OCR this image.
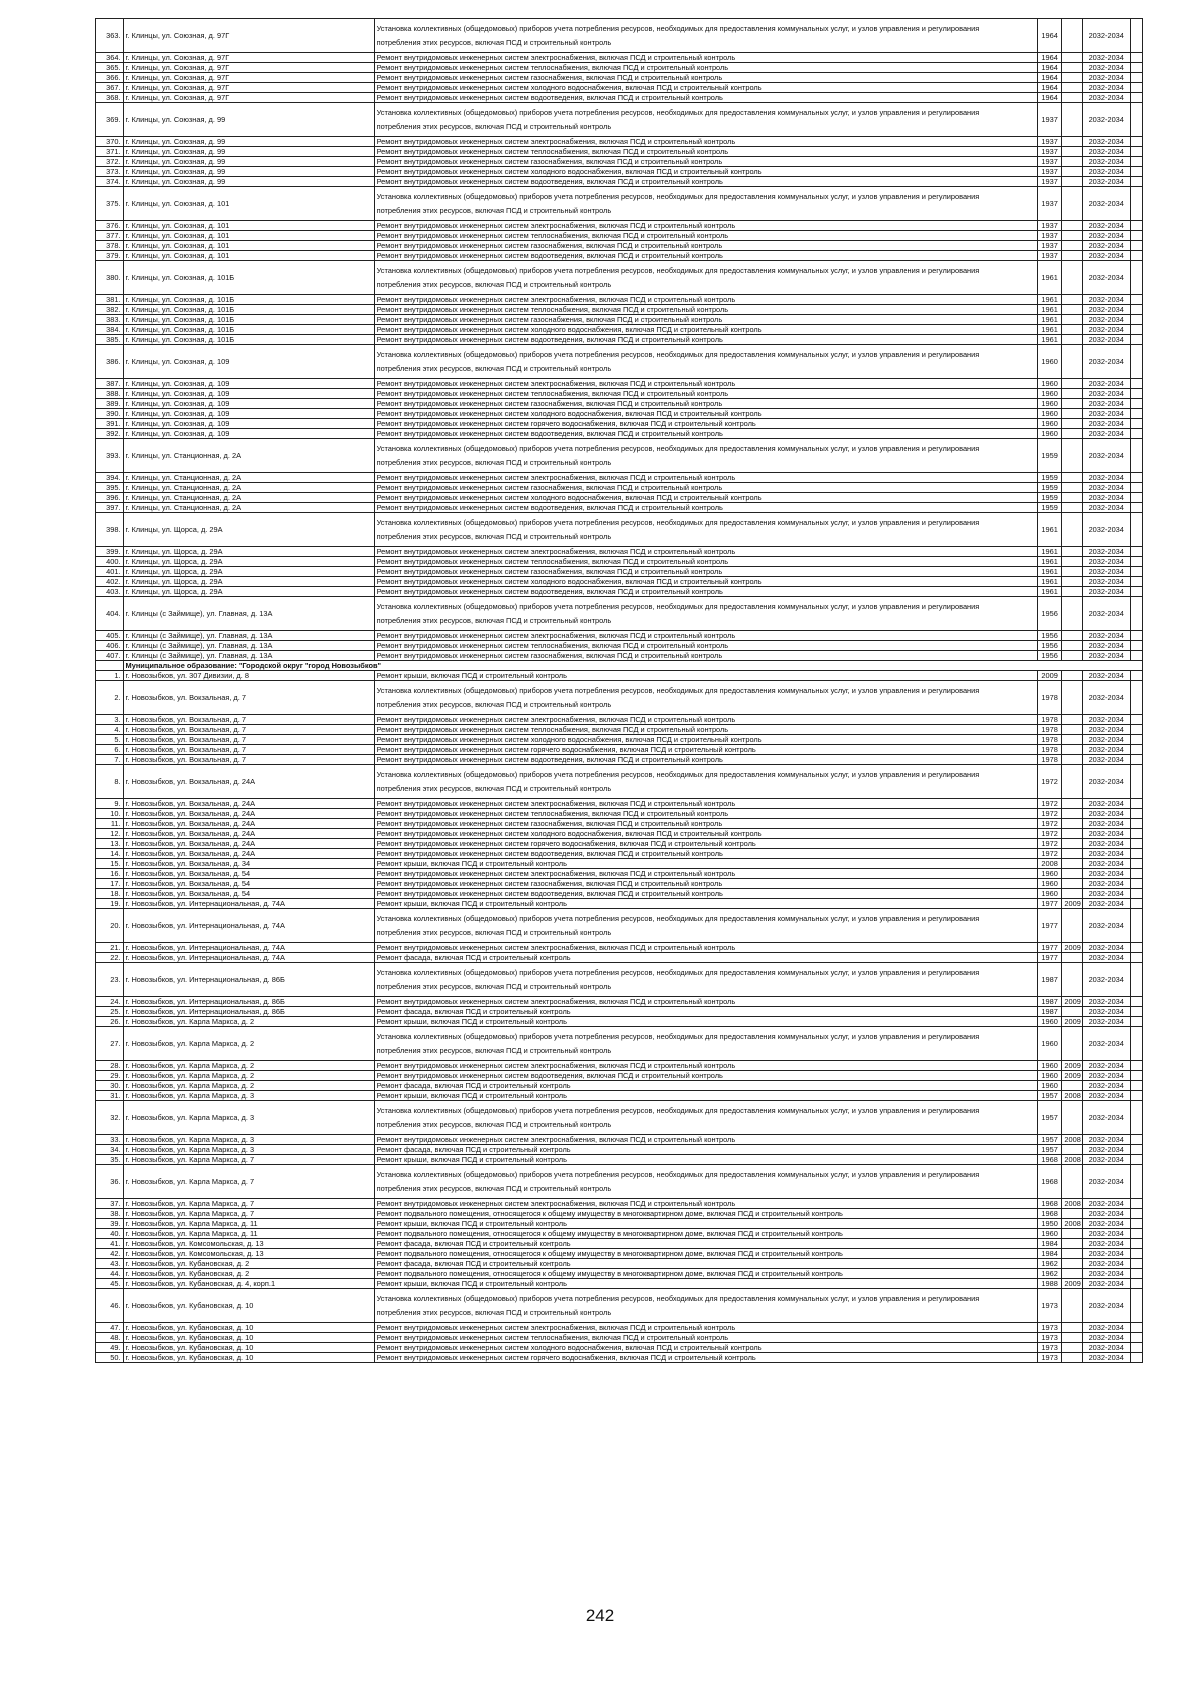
363.	г. Клинцы, ул. Союзная, д. 97Г	Установка коллективных (общедомовых) приборов учета потребления ресурсов, необходимых для предоставления коммунальных услуг, и узлов управления и регулирования потребления этих ресурсов, включая ПСД и строительный контроль	1964		2032-2034	
364.	г. Клинцы, ул. Союзная, д. 97Г	Ремонт внутридомовых инженерных систем электроснабжения, включая ПСД и строительный контроль	1964		2032-2034	
365.	г. Клинцы, ул. Союзная, д. 97Г	Ремонт внутридомовых инженерных систем теплоснабжения, включая ПСД и строительный контроль	1964		2032-2034	
366.	г. Клинцы, ул. Союзная, д. 97Г	Ремонт внутридомовых инженерных систем газоснабжения, включая ПСД и строительный контроль	1964		2032-2034	
367.	г. Клинцы, ул. Союзная, д. 97Г	Ремонт внутридомовых инженерных систем холодного водоснабжения, включая ПСД и строительный контроль	1964		2032-2034	
368.	г. Клинцы, ул. Союзная, д. 97Г	Ремонт внутридомовых инженерных систем водоотведения, включая ПСД и строительный контроль	1964		2032-2034	
369.	г. Клинцы, ул. Союзная, д. 99	Установка коллективных (общедомовых) приборов учета потребления ресурсов, необходимых для предоставления коммунальных услуг, и узлов управления и регулирования потребления этих ресурсов, включая ПСД и строительный контроль	1937		2032-2034	
370.	г. Клинцы, ул. Союзная, д. 99	Ремонт внутридомовых инженерных систем электроснабжения, включая ПСД и строительный контроль	1937		2032-2034	
371.	г. Клинцы, ул. Союзная, д. 99	Ремонт внутридомовых инженерных систем теплоснабжения, включая ПСД и строительный контроль	1937		2032-2034	
372.	г. Клинцы, ул. Союзная, д. 99	Ремонт внутридомовых инженерных систем газоснабжения, включая ПСД и строительный контроль	1937		2032-2034	
373.	г. Клинцы, ул. Союзная, д. 99	Ремонт внутридомовых инженерных систем холодного водоснабжения, включая ПСД и строительный контроль	1937		2032-2034	
374.	г. Клинцы, ул. Союзная, д. 99	Ремонт внутридомовых инженерных систем водоотведения, включая ПСД и строительный контроль	1937		2032-2034	
375.	г. Клинцы, ул. Союзная, д. 101	Установка коллективных (общедомовых) приборов учета потребления ресурсов, необходимых для предоставления коммунальных услуг, и узлов управления и регулирования потребления этих ресурсов, включая ПСД и строительный контроль	1937		2032-2034	
376.	г. Клинцы, ул. Союзная, д. 101	Ремонт внутридомовых инженерных систем электроснабжения, включая ПСД и строительный контроль	1937		2032-2034	
377.	г. Клинцы, ул. Союзная, д. 101	Ремонт внутридомовых инженерных систем теплоснабжения, включая ПСД и строительный контроль	1937		2032-2034	
378.	г. Клинцы, ул. Союзная, д. 101	Ремонт внутридомовых инженерных систем газоснабжения, включая ПСД и строительный контроль	1937		2032-2034	
379.	г. Клинцы, ул. Союзная, д. 101	Ремонт внутридомовых инженерных систем водоотведения, включая ПСД и строительный контроль	1937		2032-2034	
380.	г. Клинцы, ул. Союзная, д. 101Б	Установка коллективных (общедомовых) приборов учета потребления ресурсов, необходимых для предоставления коммунальных услуг, и узлов управления и регулирования потребления этих ресурсов, включая ПСД и строительный контроль	1961		2032-2034	
381.	г. Клинцы, ул. Союзная, д. 101Б	Ремонт внутридомовых инженерных систем электроснабжения, включая ПСД и строительный контроль	1961		2032-2034	
382.	г. Клинцы, ул. Союзная, д. 101Б	Ремонт внутридомовых инженерных систем теплоснабжения, включая ПСД и строительный контроль	1961		2032-2034	
383.	г. Клинцы, ул. Союзная, д. 101Б	Ремонт внутридомовых инженерных систем газоснабжения, включая ПСД и строительный контроль	1961		2032-2034	
384.	г. Клинцы, ул. Союзная, д. 101Б	Ремонт внутридомовых инженерных систем холодного водоснабжения, включая ПСД и строительный контроль	1961		2032-2034	
385.	г. Клинцы, ул. Союзная, д. 101Б	Ремонт внутридомовых инженерных систем водоотведения, включая ПСД и строительный контроль	1961		2032-2034	
386.	г. Клинцы, ул. Союзная, д. 109	Установка коллективных (общедомовых) приборов учета потребления ресурсов, необходимых для предоставления коммунальных услуг, и узлов управления и регулирования потребления этих ресурсов, включая ПСД и строительный контроль	1960		2032-2034	
387.	г. Клинцы, ул. Союзная, д. 109	Ремонт внутридомовых инженерных систем электроснабжения, включая ПСД и строительный контроль	1960		2032-2034	
388.	г. Клинцы, ул. Союзная, д. 109	Ремонт внутридомовых инженерных систем теплоснабжения, включая ПСД и строительный контроль	1960		2032-2034	
389.	г. Клинцы, ул. Союзная, д. 109	Ремонт внутридомовых инженерных систем газоснабжения, включая ПСД и строительный контроль	1960		2032-2034	
390.	г. Клинцы, ул. Союзная, д. 109	Ремонт внутридомовых инженерных систем холодного водоснабжения, включая ПСД и строительный контроль	1960		2032-2034	
391.	г. Клинцы, ул. Союзная, д. 109	Ремонт внутридомовых инженерных систем горячего водоснабжения, включая ПСД и строительный контроль	1960		2032-2034	
392.	г. Клинцы, ул. Союзная, д. 109	Ремонт внутридомовых инженерных систем водоотведения, включая ПСД и строительный контроль	1960		2032-2034	
393.	г. Клинцы, ул. Станционная, д. 2А	Установка коллективных (общедомовых) приборов учета потребления ресурсов, необходимых для предоставления коммунальных услуг, и узлов управления и регулирования потребления этих ресурсов, включая ПСД и строительный контроль	1959		2032-2034	
394.	г. Клинцы, ул. Станционная, д. 2А	Ремонт внутридомовых инженерных систем электроснабжения, включая ПСД и строительный контроль	1959		2032-2034	
395.	г. Клинцы, ул. Станционная, д. 2А	Ремонт внутридомовых инженерных систем газоснабжения, включая ПСД и строительный контроль	1959		2032-2034	
396.	г. Клинцы, ул. Станционная, д. 2А	Ремонт внутридомовых инженерных систем холодного водоснабжения, включая ПСД и строительный контроль	1959		2032-2034	
397.	г. Клинцы, ул. Станционная, д. 2А	Ремонт внутридомовых инженерных систем водоотведения, включая ПСД и строительный контроль	1959		2032-2034	
398.	г. Клинцы, ул. Щорса, д. 29А	Установка коллективных (общедомовых) приборов учета потребления ресурсов, необходимых для предоставления коммунальных услуг, и узлов управления и регулирования потребления этих ресурсов, включая ПСД и строительный контроль	1961		2032-2034	
399.	г. Клинцы, ул. Щорса, д. 29А	Ремонт внутридомовых инженерных систем электроснабжения, включая ПСД и строительный контроль	1961		2032-2034	
400.	г. Клинцы, ул. Щорса, д. 29А	Ремонт внутридомовых инженерных систем теплоснабжения, включая ПСД и строительный контроль	1961		2032-2034	
401.	г. Клинцы, ул. Щорса, д. 29А	Ремонт внутридомовых инженерных систем газоснабжения, включая ПСД и строительный контроль	1961		2032-2034	
402.	г. Клинцы, ул. Щорса, д. 29А	Ремонт внутридомовых инженерных систем холодного водоснабжения, включая ПСД и строительный контроль	1961		2032-2034	
403.	г. Клинцы, ул. Щорса, д. 29А	Ремонт внутридомовых инженерных систем водоотведения, включая ПСД и строительный контроль	1961		2032-2034	
404.	г. Клинцы (с Займище), ул. Главная, д. 13А	Установка коллективных (общедомовых) приборов учета потребления ресурсов, необходимых для предоставления коммунальных услуг, и узлов управления и регулирования потребления этих ресурсов, включая ПСД и строительный контроль	1956		2032-2034	
405.	г. Клинцы (с Займище), ул. Главная, д. 13А	Ремонт внутридомовых инженерных систем электроснабжения, включая ПСД и строительный контроль	1956		2032-2034	
406.	г. Клинцы (с Займище), ул. Главная, д. 13А	Ремонт внутридомовых инженерных систем теплоснабжения, включая ПСД и строительный контроль	1956		2032-2034	
407.	г. Клинцы (с Займище), ул. Главная, д. 13А	Ремонт внутридомовых инженерных систем газоснабжения, включая ПСД и строительный контроль	1956		2032-2034	
	Муниципальное образование: "Городской округ "город Новозыбков"					
1.	г. Новозыбков, ул. 307 Дивизии, д. 8	Ремонт крыши, включая ПСД и строительный контроль	2009		2032-2034	
2.	г. Новозыбков, ул. Вокзальная, д. 7	Установка коллективных (общедомовых) приборов учета потребления ресурсов, необходимых для предоставления коммунальных услуг, и узлов управления и регулирования потребления этих ресурсов, включая ПСД и строительный контроль	1978		2032-2034	
3.	г. Новозыбков, ул. Вокзальная, д. 7	Ремонт внутридомовых инженерных систем электроснабжения, включая ПСД и строительный контроль	1978		2032-2034	
4.	г. Новозыбков, ул. Вокзальная, д. 7	Ремонт внутридомовых инженерных систем теплоснабжения, включая ПСД и строительный контроль	1978		2032-2034	
5.	г. Новозыбков, ул. Вокзальная, д. 7	Ремонт внутридомовых инженерных систем холодного водоснабжения, включая ПСД и строительный контроль	1978		2032-2034	
6.	г. Новозыбков, ул. Вокзальная, д. 7	Ремонт внутридомовых инженерных систем горячего водоснабжения, включая ПСД и строительный контроль	1978		2032-2034	
7.	г. Новозыбков, ул. Вокзальная, д. 7	Ремонт внутридомовых инженерных систем водоотведения, включая ПСД и строительный контроль	1978		2032-2034	
8.	г. Новозыбков, ул. Вокзальная, д. 24А	Установка коллективных (общедомовых) приборов учета потребления ресурсов, необходимых для предоставления коммунальных услуг, и узлов управления и регулирования потребления этих ресурсов, включая ПСД и строительный контроль	1972		2032-2034	
9.	г. Новозыбков, ул. Вокзальная, д. 24А	Ремонт внутридомовых инженерных систем электроснабжения, включая ПСД и строительный контроль	1972		2032-2034	
10.	г. Новозыбков, ул. Вокзальная, д. 24А	Ремонт внутридомовых инженерных систем теплоснабжения, включая ПСД и строительный контроль	1972		2032-2034	
11.	г. Новозыбков, ул. Вокзальная, д. 24А	Ремонт внутридомовых инженерных систем газоснабжения, включая ПСД и строительный контроль	1972		2032-2034	
12.	г. Новозыбков, ул. Вокзальная, д. 24А	Ремонт внутридомовых инженерных систем холодного водоснабжения, включая ПСД и строительный контроль	1972		2032-2034	
13.	г. Новозыбков, ул. Вокзальная, д. 24А	Ремонт внутридомовых инженерных систем горячего водоснабжения, включая ПСД и строительный контроль	1972		2032-2034	
14.	г. Новозыбков, ул. Вокзальная, д. 24А	Ремонт внутридомовых инженерных систем водоотведения, включая ПСД и строительный контроль	1972		2032-2034	
15.	г. Новозыбков, ул. Вокзальная, д. 34	Ремонт крыши, включая ПСД и строительный контроль	2008		2032-2034	
16.	г. Новозыбков, ул. Вокзальная, д. 54	Ремонт внутридомовых инженерных систем электроснабжения, включая ПСД и строительный контроль	1960		2032-2034	
17.	г. Новозыбков, ул. Вокзальная, д. 54	Ремонт внутридомовых инженерных систем газоснабжения, включая ПСД и строительный контроль	1960		2032-2034	
18.	г. Новозыбков, ул. Вокзальная, д. 54	Ремонт внутридомовых инженерных систем водоотведения, включая ПСД и строительный контроль	1960		2032-2034	
19.	г. Новозыбков, ул. Интернациональная, д. 74А	Ремонт крыши, включая ПСД и строительный контроль	1977	2009	2032-2034	
20.	г. Новозыбков, ул. Интернациональная, д. 74А	Установка коллективных (общедомовых) приборов учета потребления ресурсов, необходимых для предоставления коммунальных услуг, и узлов управления и регулирования потребления этих ресурсов, включая ПСД и строительный контроль	1977		2032-2034	
21.	г. Новозыбков, ул. Интернациональная, д. 74А	Ремонт внутридомовых инженерных систем электроснабжения, включая ПСД и строительный контроль	1977	2009	2032-2034	
22.	г. Новозыбков, ул. Интернациональная, д. 74А	Ремонт фасада, включая ПСД и строительный контроль	1977		2032-2034	
23.	г. Новозыбков, ул. Интернациональная, д. 86Б	Установка коллективных (общедомовых) приборов учета потребления ресурсов, необходимых для предоставления коммунальных услуг, и узлов управления и регулирования потребления этих ресурсов, включая ПСД и строительный контроль	1987		2032-2034	
24.	г. Новозыбков, ул. Интернациональная, д. 86Б	Ремонт внутридомовых инженерных систем электроснабжения, включая ПСД и строительный контроль	1987	2009	2032-2034	
25.	г. Новозыбков, ул. Интернациональная, д. 86Б	Ремонт фасада, включая ПСД и строительный контроль	1987		2032-2034	
26.	г. Новозыбков, ул. Карла Маркса, д. 2	Ремонт крыши, включая ПСД и строительный контроль	1960	2009	2032-2034	
27.	г. Новозыбков, ул. Карла Маркса, д. 2	Установка коллективных (общедомовых) приборов учета потребления ресурсов, необходимых для предоставления коммунальных услуг, и узлов управления и регулирования потребления этих ресурсов, включая ПСД и строительный контроль	1960		2032-2034	
28.	г. Новозыбков, ул. Карла Маркса, д. 2	Ремонт внутридомовых инженерных систем электроснабжения, включая ПСД и строительный контроль	1960	2009	2032-2034	
29.	г. Новозыбков, ул. Карла Маркса, д. 2	Ремонт внутридомовых инженерных систем водоотведения, включая ПСД и строительный контроль	1960	2009	2032-2034	
30.	г. Новозыбков, ул. Карла Маркса, д. 2	Ремонт фасада, включая ПСД и строительный контроль	1960		2032-2034	
31.	г. Новозыбков, ул. Карла Маркса, д. 3	Ремонт крыши, включая ПСД и строительный контроль	1957	2008	2032-2034	
32.	г. Новозыбков, ул. Карла Маркса, д. 3	Установка коллективных (общедомовых) приборов учета потребления ресурсов, необходимых для предоставления коммунальных услуг, и узлов управления и регулирования потребления этих ресурсов, включая ПСД и строительный контроль	1957		2032-2034	
33.	г. Новозыбков, ул. Карла Маркса, д. 3	Ремонт внутридомовых инженерных систем электроснабжения, включая ПСД и строительный контроль	1957	2008	2032-2034	
34.	г. Новозыбков, ул. Карла Маркса, д. 3	Ремонт фасада, включая ПСД и строительный контроль	1957		2032-2034	
35.	г. Новозыбков, ул. Карла Маркса, д. 7	Ремонт крыши, включая ПСД и строительный контроль	1968	2008	2032-2034	
36.	г. Новозыбков, ул. Карла Маркса, д. 7	Установка коллективных (общедомовых) приборов учета потребления ресурсов, необходимых для предоставления коммунальных услуг, и узлов управления и регулирования потребления этих ресурсов, включая ПСД и строительный контроль	1968		2032-2034	
37.	г. Новозыбков, ул. Карла Маркса, д. 7	Ремонт внутридомовых инженерных систем электроснабжения, включая ПСД и строительный контроль	1968	2008	2032-2034	
38.	г. Новозыбков, ул. Карла Маркса, д. 7	Ремонт подвального помещения, относящегося к общему имуществу в многоквартирном доме, включая ПСД и строительный контроль	1968		2032-2034	
39.	г. Новозыбков, ул. Карла Маркса, д. 11	Ремонт крыши, включая ПСД и строительный контроль	1950	2008	2032-2034	
40.	г. Новозыбков, ул. Карла Маркса, д. 11	Ремонт подвального помещения, относящегося к общему имуществу в многоквартирном доме, включая ПСД и строительный контроль	1960		2032-2034	
41.	г. Новозыбков, ул. Комсомольская, д. 13	Ремонт фасада, включая ПСД и строительный контроль	1984		2032-2034	
42.	г. Новозыбков, ул. Комсомольская, д. 13	Ремонт подвального помещения, относящегося к общему имуществу в многоквартирном доме, включая ПСД и строительный контроль	1984		2032-2034	
43.	г. Новозыбков, ул. Кубановская, д. 2	Ремонт фасада, включая ПСД и строительный контроль	1962		2032-2034	
44.	г. Новозыбков, ул. Кубановская, д. 2	Ремонт подвального помещения, относящегося к общему имуществу в многоквартирном доме, включая ПСД и строительный контроль	1962		2032-2034	
45.	г. Новозыбков, ул. Кубановская, д. 4, корп.1	Ремонт крыши, включая ПСД и строительный контроль	1988	2009	2032-2034	
46.	г. Новозыбков, ул. Кубановская, д. 10	Установка коллективных (общедомовых) приборов учета потребления ресурсов, необходимых для предоставления коммунальных услуг, и узлов управления и регулирования потребления этих ресурсов, включая ПСД и строительный контроль	1973		2032-2034	
47.	г. Новозыбков, ул. Кубановская, д. 10	Ремонт внутридомовых инженерных систем электроснабжения, включая ПСД и строительный контроль	1973		2032-2034	
48.	г. Новозыбков, ул. Кубановская, д. 10	Ремонт внутридомовых инженерных систем теплоснабжения, включая ПСД и строительный контроль	1973		2032-2034	
49.	г. Новозыбков, ул. Кубановская, д. 10	Ремонт внутридомовых инженерных систем холодного водоснабжения, включая ПСД и строительный контроль	1973		2032-2034	
50.	г. Новозыбков, ул. Кубановская, д. 10	Ремонт внутридомовых инженерных систем горячего водоснабжения, включая ПСД и строительный контроль	1973		2032-2034	
242
